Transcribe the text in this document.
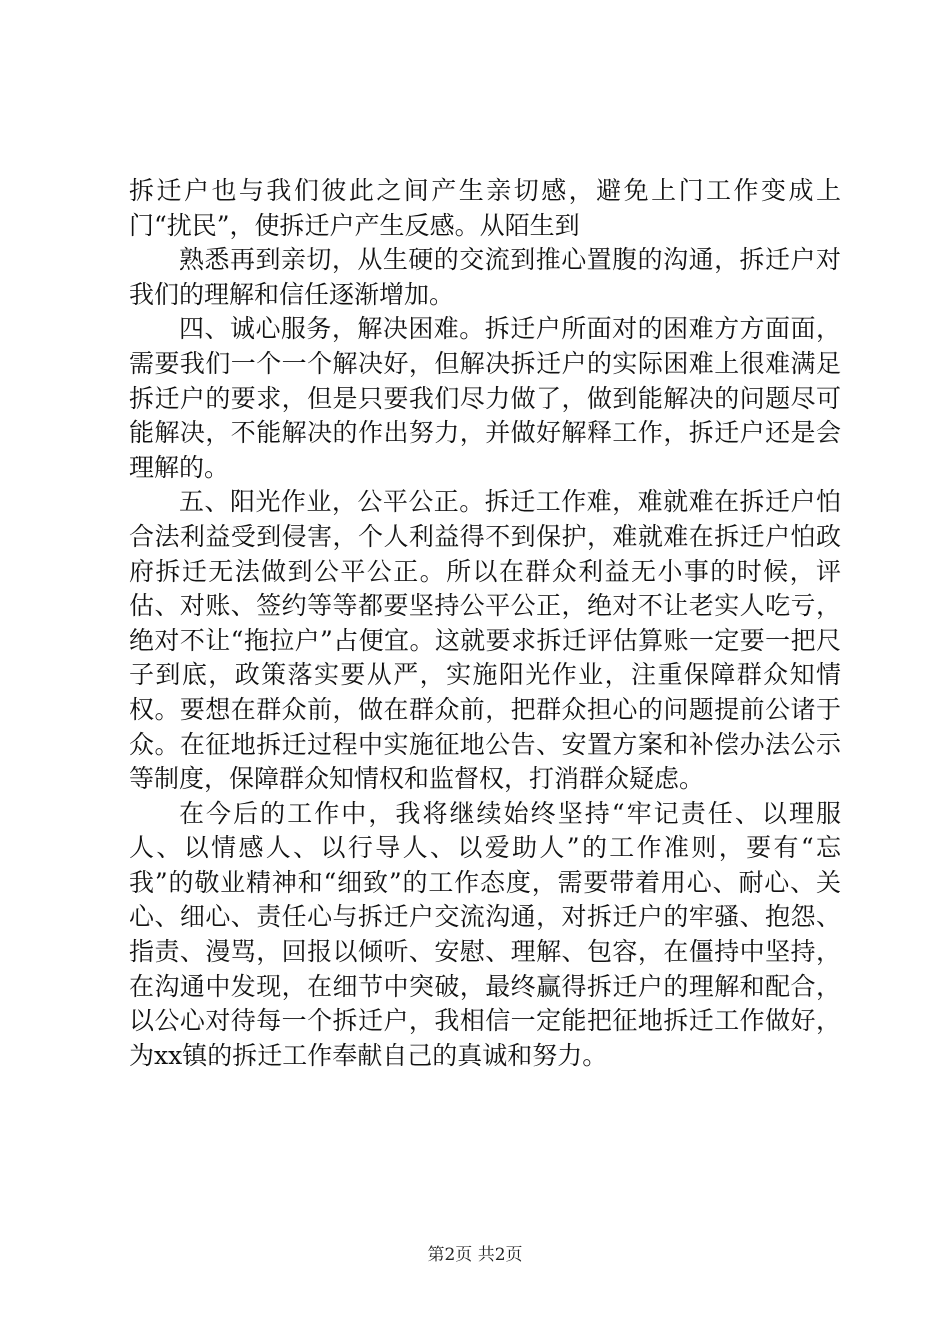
拆迁户也与我们彼此之间产生亲切感，避免上门工作变成上门“扰民”，使拆迁户产生反感。从陌生到

熟悉再到亲切，从生硬的交流到推心置腹的沟通，拆迁户对我们的理解和信任逐渐增加。

四、诚心服务，解决困难。拆迁户所面对的困难方方面面，需要我们一个一个解决好，但解决拆迁户的实际困难上很难满足拆迁户的要求，但是只要我们尽力做了，做到能解决的问题尽可能解决，不能解决的作出努力，并做好解释工作，拆迁户还是会理解的。

五、阳光作业，公平公正。拆迁工作难，难就难在拆迁户怕合法利益受到侵害，个人利益得不到保护，难就难在拆迁户怕政府拆迁无法做到公平公正。所以在群众利益无小事的时候，评估、对账、签约等等都要坚持公平公正，绝对不让老实人吃亏，绝对不让“拖拉户”占便宜。这就要求拆迁评估算账一定要一把尺子到底，政策落实要从严，实施阳光作业，注重保障群众知情权。要想在群众前，做在群众前，把群众担心的问题提前公诸于众。在征地拆迁过程中实施征地公告、安置方案和补偿办法公示等制度，保障群众知情权和监督权，打消群众疑虑。

在今后的工作中，我将继续始终坚持“牢记责任、以理服人、以情感人、以行导人、以爱助人”的工作准则，要有“忘我”的敬业精神和“细致”的工作态度，需要带着用心、耐心、关心、细心、责任心与拆迁户交流沟通，对拆迁户的牢骚、抱怨、指责、漫骂，回报以倾听、安慰、理解、包容，在僵持中坚持，在沟通中发现，在细节中突破，最终赢得拆迁户的理解和配合，以公心对待每一个拆迁户，我相信一定能把征地拆迁工作做好，为xx镇的拆迁工作奉献自己的真诚和努力。

第2页 共2页
